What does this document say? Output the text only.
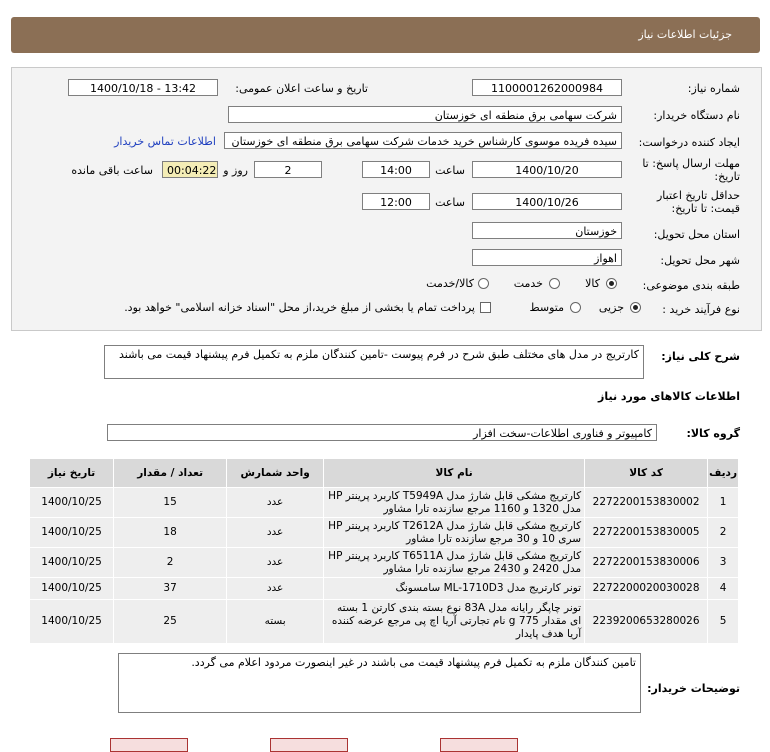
جزئیات اطلاعات نیاز
شماره نیاز:
1100001262000984
تاریخ و ساعت اعلان عمومی:
1400/10/18 - 13:42
نام دستگاه خریدار:
شرکت سهامی برق منطقه ای خوزستان
ایجاد کننده درخواست:
سیده فریده موسوی کارشناس خرید خدمات شرکت سهامی برق منطقه ای خوزستان
اطلاعات تماس خریدار
مهلت ارسال پاسخ: تا
تاریخ:
1400/10/20
ساعت
14:00
2
روز و
00:04:22
ساعت باقی مانده
حداقل تاریخ اعتبار
قیمت: تا تاریخ:
1400/10/26
ساعت
12:00
استان محل تحویل:
خوزستان
شهر محل تحویل:
اهواز
طبقه بندی موضوعی:
کالا
خدمت
کالا/خدمت
نوع فرآیند خرید :
جزیی
متوسط
پرداخت تمام یا بخشی از مبلغ خرید،از محل "اسناد خزانه اسلامی" خواهد بود.
شرح کلی نیاز:
کارتریج در مدل های مختلف طبق شرح در فرم پیوست -تامین کنندگان ملزم به تکمیل فرم پیشنهاد قیمت می باشند
اطلاعات کالاهای مورد نیاز
گروه کالا:
کامپیوتر و فناوری اطلاعات-سخت افزار
ردیف	کد کالا	نام کالا	واحد شمارش	تعداد / مقدار	تاریخ نیاز
1	2272200153830002	کارتریج مشکی قابل شارژ مدل T5949A کاربرد پرینتر HP مدل 1320 و 1160 مرجع سازنده تارا مشاور	عدد	15	1400/10/25
2	2272200153830005	کارتریج مشکی قابل شارژ مدل T2612A کاربرد پرینتر HP سری 10 و 30 مرجع سازنده تارا مشاور	عدد	18	1400/10/25
3	2272200153830006	کارتریج مشکی قابل شارژ مدل T6511A کاربرد پرینتر HP مدل 2420 و 2430 مرجع سازنده تارا مشاور	عدد	2	1400/10/25
4	2272200020030028	تونر کارتریج مدل ML-1710D3 سامسونگ	عدد	37	1400/10/25
5	2239200653280026	تونر چاپگر رایانه مدل 83A نوع بسته بندی کارتن 1 بسته ای مقدار 775 g نام تجارتی آریا اچ پی مرجع عرضه کننده آریا هدف پایدار	بسته	25	1400/10/25
توضیحات خریدار:
تامین کنندگان ملزم به تکمیل فرم پیشنهاد قیمت می باشند در غیر اینصورت مردود اعلام می گردد.
